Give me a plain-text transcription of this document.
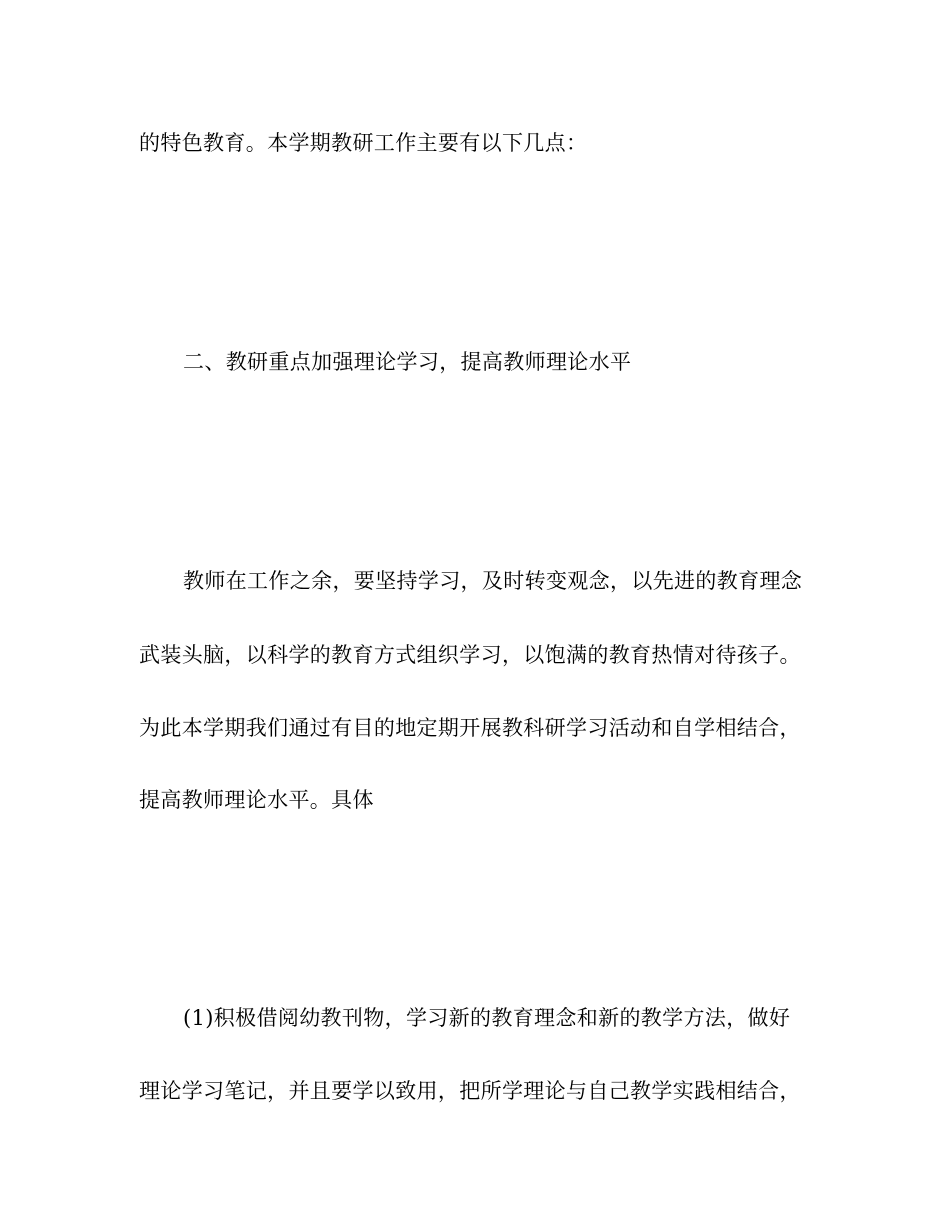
的特色教育。本学期教研工作主要有以下几点：
二、教研重点加强理论学习，提高教师理论水平
教师在工作之余，要坚持学习，及时转变观念，以先进的教育理念
武装头脑，以科学的教育方式组织学习，以饱满的教育热情对待孩子。
为此本学期我们通过有目的地定期开展教科研学习活动和自学相结合，
提高教师理论水平。具体
(1)积极借阅幼教刊物，学习新的教育理念和新的教学方法，做好
理论学习笔记，并且要学以致用，把所学理论与自己教学实践相结合，
